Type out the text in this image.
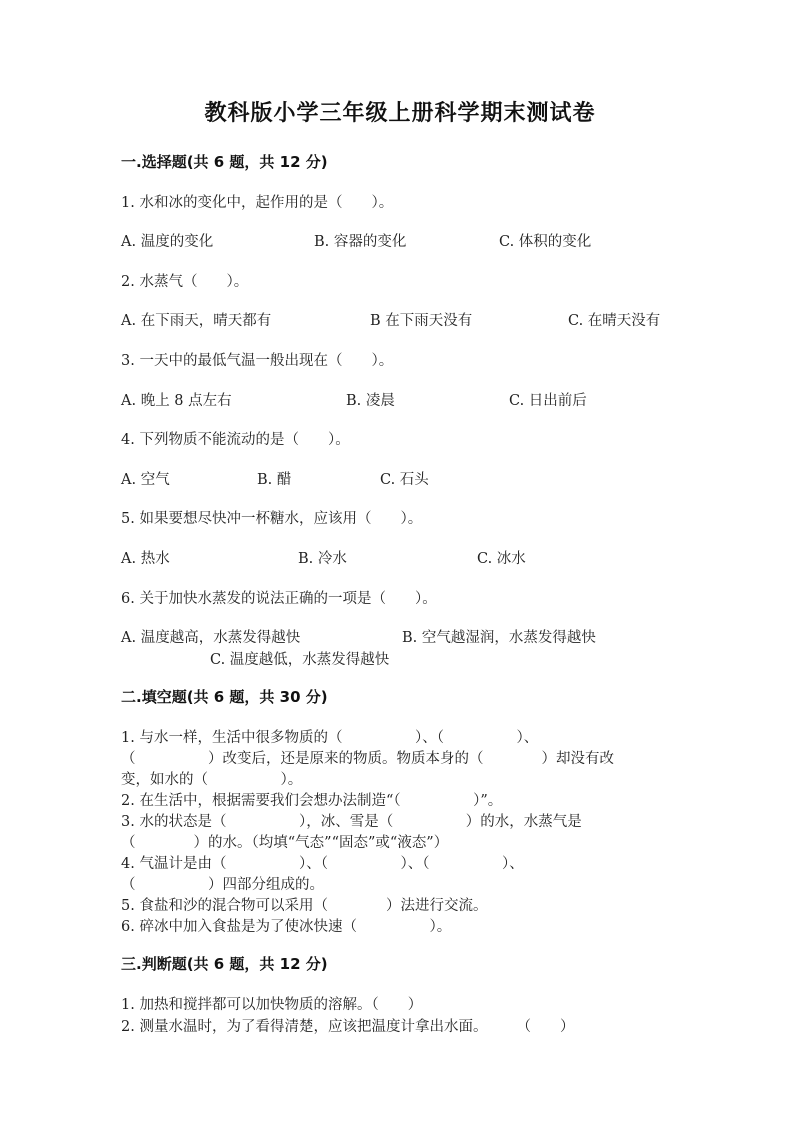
教科版小学三年级上册科学期末测试卷
一.选择题(共 6 题，共 12 分)
1. 水和冰的变化中，起作用的是（　　）。
A. 温度的变化	B. 容器的变化	C. 体积的变化
2. 水蒸气（　　）。
A. 在下雨天，晴天都有	B 在下雨天没有	C. 在晴天没有
3. 一天中的最低气温一般出现在（　　）。
A. 晚上 8 点左右	B. 凌晨	C. 日出前后
4. 下列物质不能流动的是（　　）。
A. 空气	B. 醋	C. 石头
5. 如果要想尽快冲一杯糖水，应该用（　　）。
A. 热水	B. 冷水	C. 冰水
6. 关于加快水蒸发的说法正确的一项是（　　）。
A. 温度越高，水蒸发得越快	B. 空气越湿润，水蒸发得越快
C. 温度越低，水蒸发得越快
二.填空题(共 6 题，共 30 分)
1. 与水一样，生活中很多物质的（　　　　　）、（　　　　　）、
（　　　　　）改变后，还是原来的物质。物质本身的（　　　　）却没有改
变，如水的（　　　　　）。
2. 在生活中，根据需要我们会想办法制造“（　　　　　）”。
3. 水的状态是（　　　　　），冰、雪是（　　　　　）的水，水蒸气是
（　　　　）的水。（均填“气态”“固态”或“液态”）
4. 气温计是由（　　　　　）、（　　　　　）、（　　　　　）、
（　　　　　）四部分组成的。
5. 食盐和沙的混合物可以采用（　　　　）法进行交流。
6. 碎冰中加入食盐是为了使冰快速（　　　　　）。
三.判断题(共 6 题，共 12 分)
1. 加热和搅拌都可以加快物质的溶解。（　　）
2. 测量水温时，为了看得清楚，应该把温度计拿出水面。　　　（　　）
